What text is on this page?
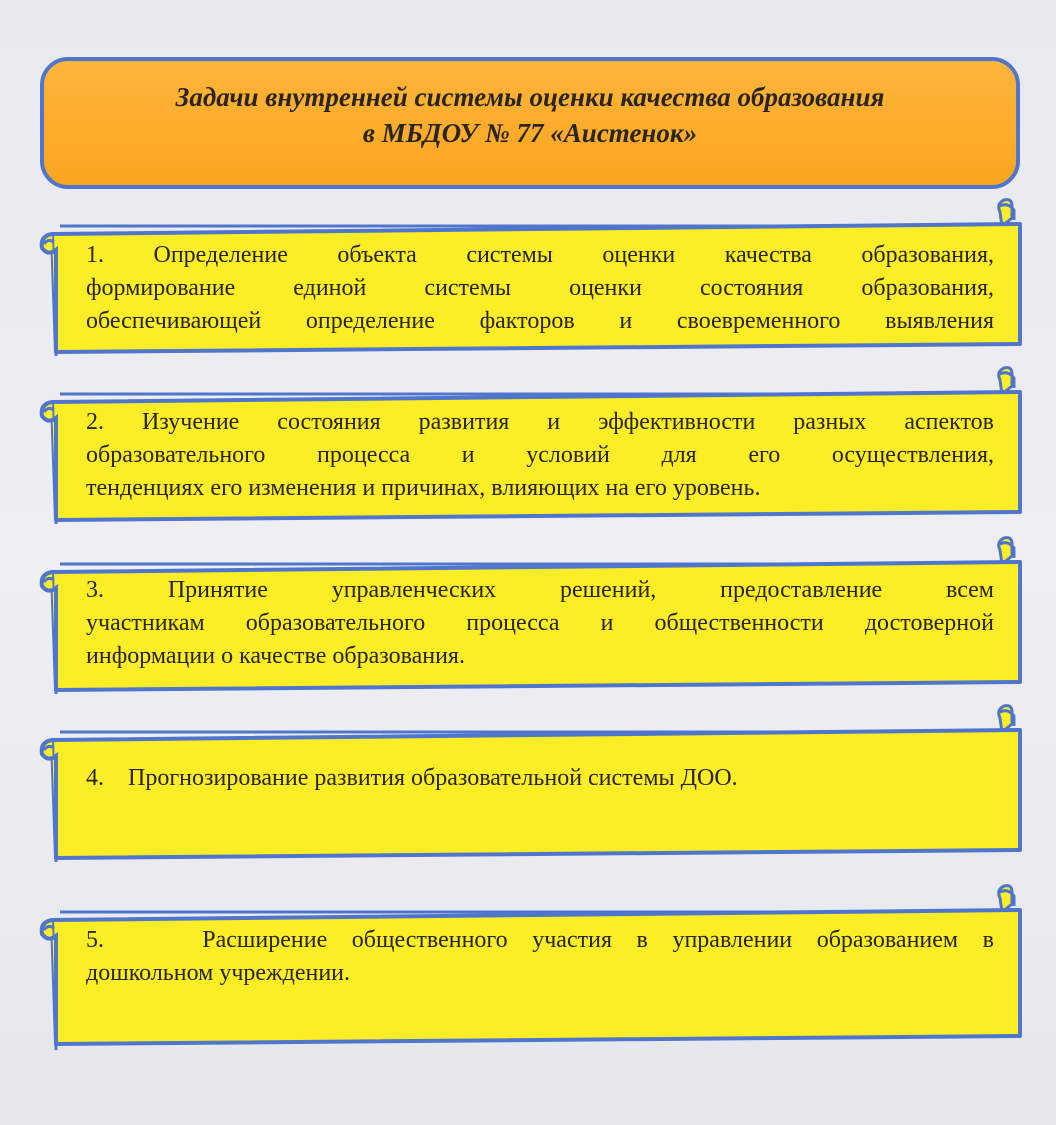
Задачи внутренней системы оценки качества образования
в МБДОУ № 77 «Аистенок»
1. Определение объекта системы оценки качества образования,
формирование единой системы оценки состояния образования,
обеспечивающей определение факторов и своевременного выявления
2. Изучение состояния развития и эффективности разных аспектов
образовательного процесса и условий для его осуществления,
тенденциях его изменения и причинах, влияющих на его уровень.
3. Принятие управленческих решений, предоставление всем
участникам образовательного процесса и общественности достоверной
информации о качестве образования.
4.    Прогнозирование развития образовательной системы ДОО.
5.    Расширение общественного участия в управлении образованием в
дошкольном учреждении.
